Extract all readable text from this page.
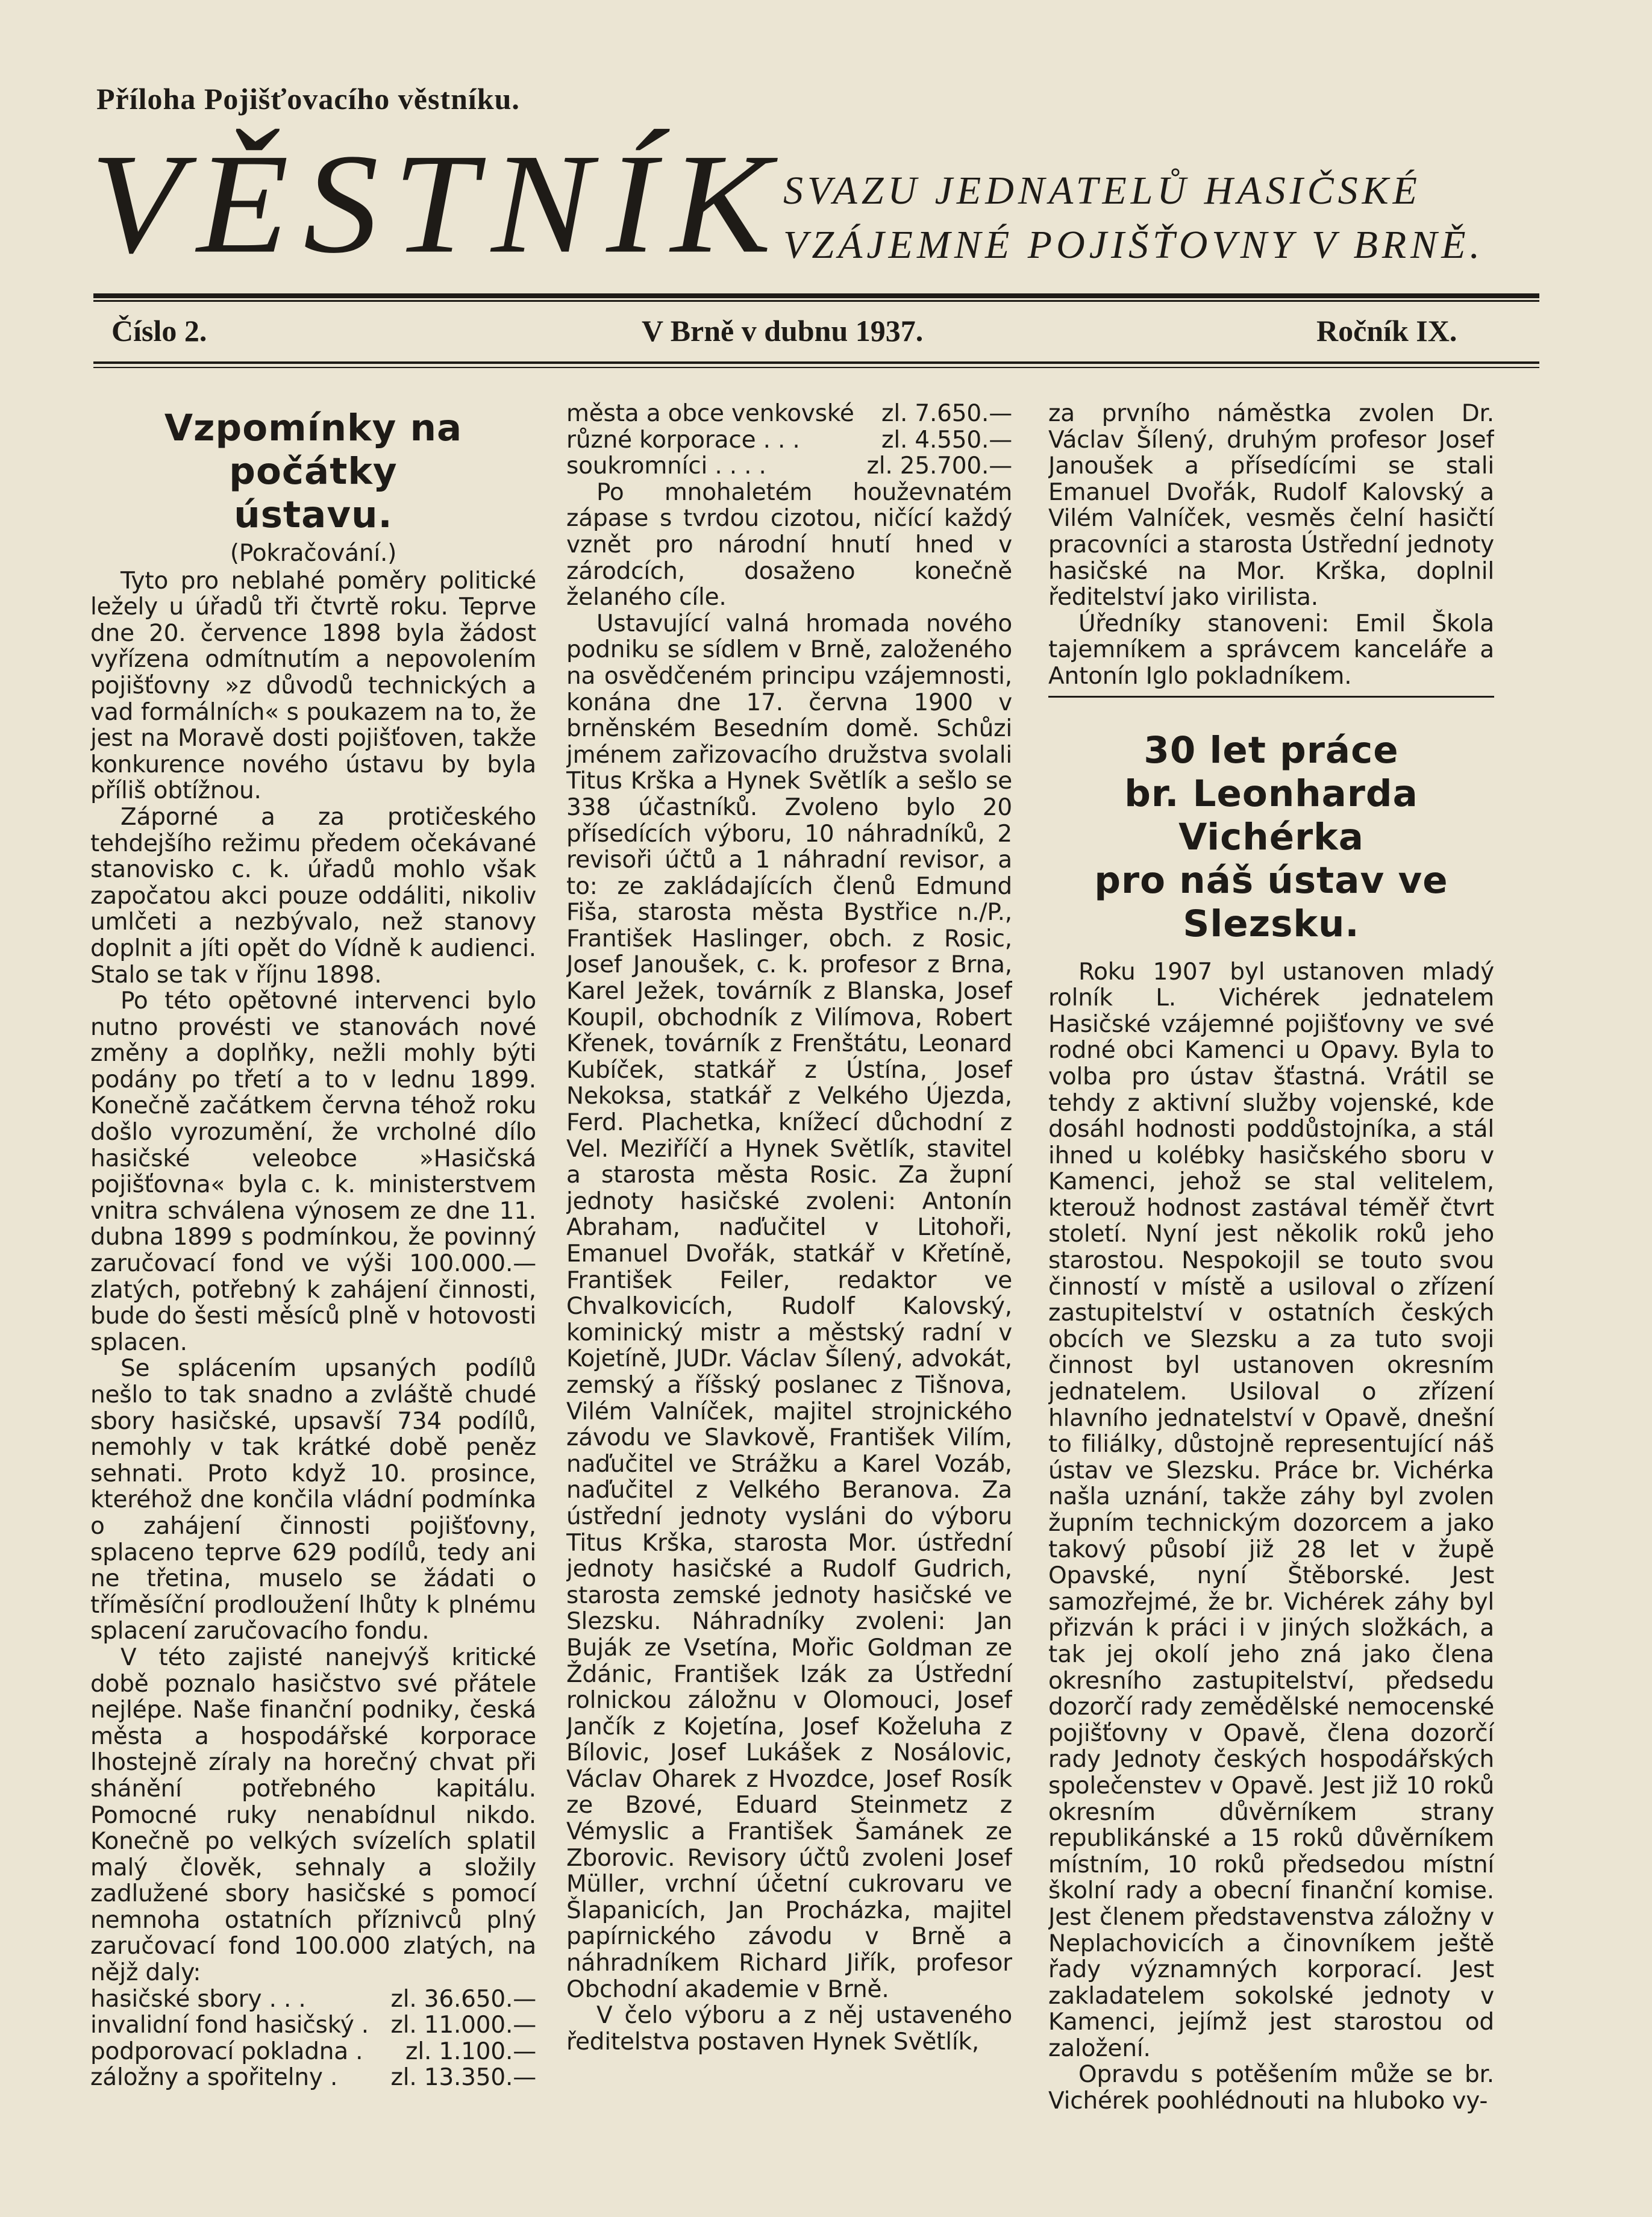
Příloha Pojišťovacího věstníku.
VĚSTNÍK
SVAZU JEDNATELŮ HASIČSKÉ
VZÁJEMNÉ POJIŠŤOVNY V BRNĚ.
Číslo 2.	V Brně v dubnu 1937.	Ročník IX.
Vzpomínky na počátky
ústavu.
(Pokračování.)

Tyto pro neblahé poměry politické ležely u úřadů tři čtvrtě roku. Teprve dne 20. července 1898 byla žádost vyřízena odmítnutím a nepovolením pojišťovny »z důvodů technických a vad formálních« s poukazem na to, že jest na Moravě dosti pojišťoven, takže konkurence nového ústavu by byla příliš obtížnou.

Záporné a za protičeského tehdejšího režimu předem očekávané stanovisko c. k. úřadů mohlo však započatou akci pouze oddáliti, nikoliv umlčeti a nezbývalo, než stanovy doplnit a jíti opět do Vídně k audienci. Stalo se tak v říjnu 1898.

Po této opětovné intervenci bylo nutno provésti ve stanovách nové změny a doplňky, nežli mohly býti podány po třetí a to v lednu 1899. Konečně začátkem června téhož roku došlo vyrozumění, že vrcholné dílo hasičské veleobce »Hasičská pojišťovna« byla c. k. ministerstvem vnitra schválena výnosem ze dne 11. dubna 1899 s podmínkou, že povinný zaručovací fond ve výši 100.000.— zlatých, potřebný k zahájení činnosti, bude do šesti měsíců plně v hotovosti splacen.

Se splácením upsaných podílů nešlo to tak snadno a zvláště chudé sbory hasičské, upsavší 734 podílů, nemohly v tak krátké době peněz sehnati. Proto když 10. prosince, kteréhož dne končila vládní podmínka o zahájení činnosti pojišťovny, splaceno teprve 629 podílů, tedy ani ne třetina, muselo se žádati o tříměsíční prodloužení lhůty k plnému splacení zaručovacího fondu.

V této zajisté nanejvýš kritické době poznalo hasičstvo své přátele nejlépe. Naše finanční podniky, česká města a hospodářské korporace lhostejně zíraly na horečný chvat při shánění potřebného kapitálu. Pomocné ruky nenabídnul nikdo. Konečně po velkých svízelích splatil malý člověk, sehnaly a složily zadlužené sbory hasičské s pomocí nemnoha ostatních příznivců plný zaručovací fond 100.000 zlatých, na nějž daly:

hasičské sbory . . .	zl. 36.650.—
invalidní fond hasičský .	zl. 11.000.—
podporovací pokladna .	zl. 1.100.—
záložny a spořitelny .	zl. 13.350.—
města a obce venkovské	zl. 7.650.—
různé korporace . . .	zl. 4.550.—
soukromníci . . . .	zl. 25.700.—

Po mnohaletém houževnatém zápase s tvrdou cizotou, ničící každý vznět pro národní hnutí hned v zárodcích, dosaženo konečně želaného cíle.

Ustavující valná hromada nového podniku se sídlem v Brně, založeného na osvědčeném principu vzájemnosti, konána dne 17. června 1900 v brněnském Besedním domě. Schůzi jménem zařizovacího družstva svolali Titus Krška a Hynek Světlík a sešlo se 338 účastníků. Zvoleno bylo 20 přísedících výboru, 10 náhradníků, 2 revisoři účtů a 1 náhradní revisor, a to: ze zakládajících členů Edmund Fiša, starosta města Bystřice n./P., František Haslinger, obch. z Rosic, Josef Janoušek, c. k. profesor z Brna, Karel Ježek, továrník z Blanska, Josef Koupil, obchodník z Vilímova, Robert Křenek, továrník z Frenštátu, Leonard Kubíček, statkář z Ústína, Josef Nekoksa, statkář z Velkého Újezda, Ferd. Plachetka, knížecí důchodní z Vel. Meziříčí a Hynek Světlík, stavitel a starosta města Rosic. Za župní jednoty hasičské zvoleni: Antonín Abraham, naďučitel v Litohoři, Emanuel Dvořák, statkář v Křetíně, František Feiler, redaktor ve Chvalkovicích, Rudolf Kalovský, kominický mistr a městský radní v Kojetíně, JUDr. Václav Šílený, advokát, zemský a říšský poslanec z Tišnova, Vilém Valníček, majitel strojnického závodu ve Slavkově, František Vilím, naďučitel ve Strážku a Karel Vozáb, naďučitel z Velkého Beranova. Za ústřední jednoty vysláni do výboru Titus Krška, starosta Mor. ústřední jednoty hasičské a Rudolf Gudrich, starosta zemské jednoty hasičské ve Slezsku. Náhradníky zvoleni: Jan Buják ze Vsetína, Mořic Goldman ze Ždánic, František Izák za Ústřední rolnickou záložnu v Olomouci, Josef Jančík z Kojetína, Josef Koželuha z Bílovic, Josef Lukášek z Nosálovic, Václav Oharek z Hvozdce, Josef Rosík ze Bzové, Eduard Steinmetz z Vémyslic a František Šamánek ze Zborovic. Revisory účtů zvoleni Josef Müller, vrchní účetní cukrovaru ve Šlapanicích, Jan Procházka, majitel papírnického závodu v Brně a náhradníkem Richard Jiřík, profesor Obchodní akademie v Brně.

V čelo výboru a z něj ustaveného ředitelstva postaven Hynek Světlík,

za prvního náměstka zvolen Dr. Václav Šílený, druhým profesor Josef Janoušek a přísedícími se stali Emanuel Dvořák, Rudolf Kalovský a Vilém Valníček, vesměs čelní hasičtí pracovníci a starosta Ústřední jednoty hasičské na Mor. Krška, doplnil ředitelství jako virilista.

Úředníky stanoveni: Emil Škola tajemníkem a správcem kanceláře a Antonín Iglo pokladníkem.

30 let práce
br. Leonharda Vichérka
pro náš ústav ve
Slezsku.

Roku 1907 byl ustanoven mladý rolník L. Vichérek jednatelem Hasičské vzájemné pojišťovny ve své rodné obci Kamenci u Opavy. Byla to volba pro ústav šťastná. Vrátil se tehdy z aktivní služby vojenské, kde dosáhl hodnosti poddůstojníka, a stál ihned u kolébky hasičského sboru v Kamenci, jehož se stal velitelem, kterouž hodnost zastával téměř čtvrt století. Nyní jest několik roků jeho starostou. Nespokojil se touto svou činností v místě a usiloval o zřízení zastupitelství v ostatních českých obcích ve Slezsku a za tuto svoji činnost byl ustanoven okresním jednatelem. Usiloval o zřízení hlavního jednatelství v Opavě, dnešní to filiálky, důstojně representující náš ústav ve Slezsku. Práce br. Vichérka našla uznání, takže záhy byl zvolen župním technickým dozorcem a jako takový působí již 28 let v župě Opavské, nyní Štěborské. Jest samozřejmé, že br. Vichérek záhy byl přizván k práci i v jiných složkách, a tak jej okolí jeho zná jako člena okresního zastupitelství, předsedu dozorčí rady zemědělské nemocenské pojišťovny v Opavě, člena dozorčí rady Jednoty českých hospodářských společenstev v Opavě. Jest již 10 roků okresním důvěrníkem strany republikánské a 15 roků důvěrníkem místním, 10 roků předsedou místní školní rady a obecní finanční komise. Jest členem představenstva záložny v Neplachovicích a činovníkem ještě řady významných korporací. Jest zakladatelem sokolské jednoty v Kamenci, jejímž jest starostou od založení.

Opravdu s potěšením může se br. Vichérek poohlédnouti na hluboko vy-
